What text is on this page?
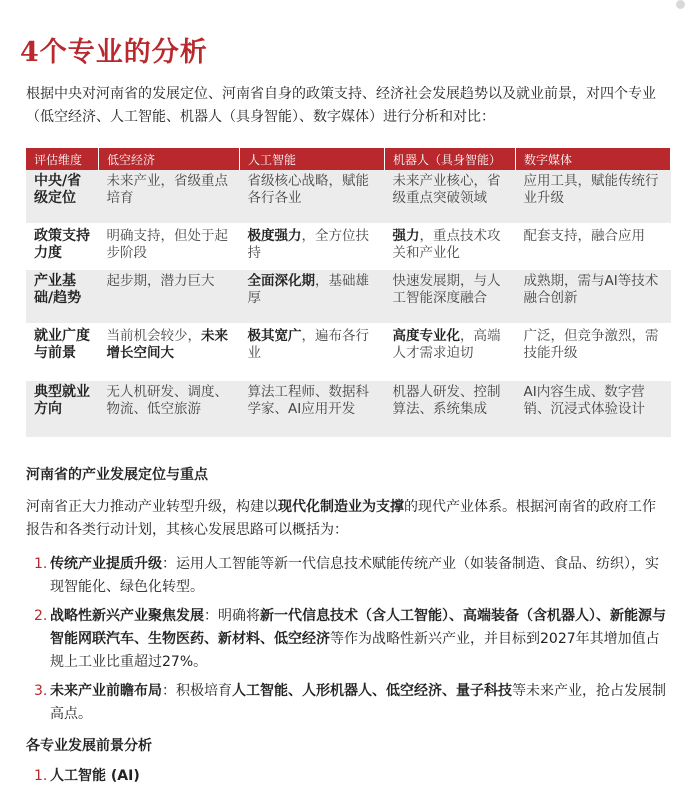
4个专业的分析
根据中央对河南省的发展定位、河南省自身的政策支持、经济社会发展趋势以及就业前景，对四个专业（低空经济、人工智能、机器人（具身智能）、数字媒体）进行分析和对比：
评估维度	低空经济	人工智能	机器人（具身智能）	数字媒体
中央/省级定位	未来产业，省级重点培育	省级核心战略，赋能各行各业	未来产业核心，省级重点突破领域	应用工具，赋能传统行业升级
政策支持力度	明确支持，但处于起步阶段	极度强力，全方位扶持	强力，重点技术攻关和产业化	配套支持，融合应用
产业基础/趋势	起步期，潜力巨大	全面深化期，基础雄厚	快速发展期，与人工智能深度融合	成熟期，需与AI等技术融合创新
就业广度与前景	当前机会较少，未来增长空间大	极其宽广，遍布各行业	高度专业化，高端人才需求迫切	广泛，但竞争激烈，需技能升级
典型就业方向	无人机研发、调度、物流、低空旅游	算法工程师、数据科学家、AI应用开发	机器人研发、控制算法、系统集成	AI内容生成、数字营销、沉浸式体验设计
河南省的产业发展定位与重点
河南省正大力推动产业转型升级，构建以现代化制造业为支撑的现代产业体系。根据河南省的政府工作报告和各类行动计划，其核心发展思路可以概括为：
1. 传统产业提质升级：运用人工智能等新一代信息技术赋能传统产业（如装备制造、食品、纺织），实现智能化、绿色化转型。
2. 战略性新兴产业聚焦发展：明确将新一代信息技术（含人工智能）、高端装备（含机器人）、新能源与智能网联汽车、生物医药、新材料、低空经济等作为战略性新兴产业，并目标到2027年其增加值占规上工业比重超过27%。
3. 未来产业前瞻布局：积极培育人工智能、人形机器人、低空经济、量子科技等未来产业，抢占发展制高点。
各专业发展前景分析
1. 人工智能 (AI)
